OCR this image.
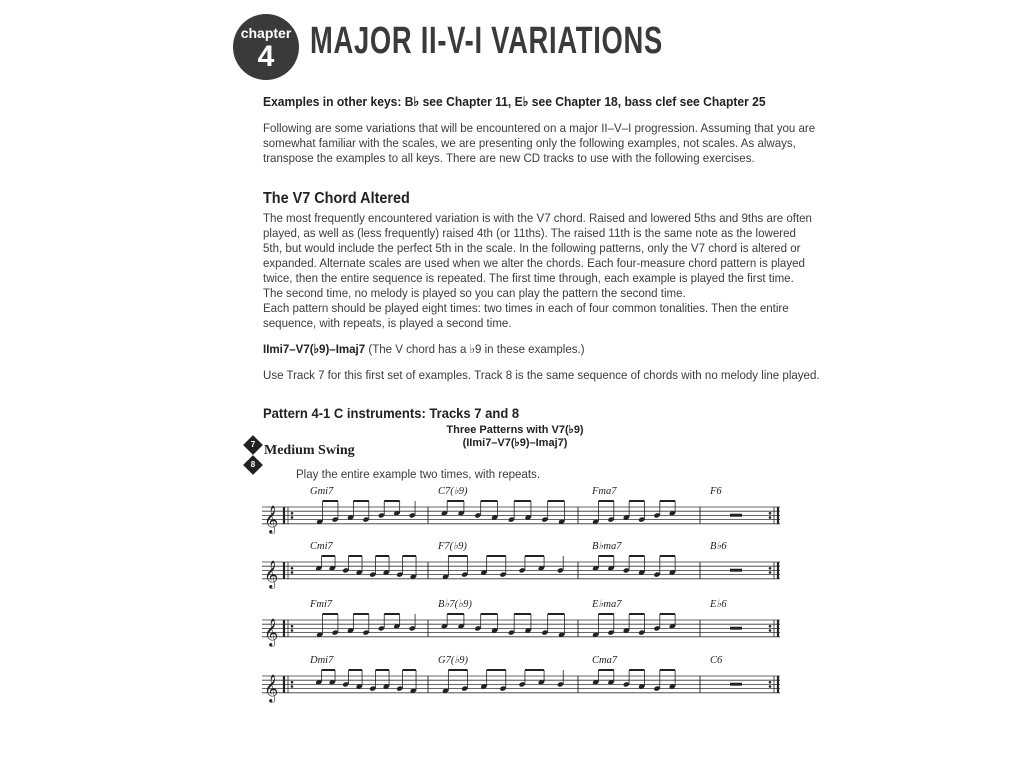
chapter
4 MAJOR II-V-I VARIATIONS
Examples in other keys: B♭ see Chapter 11, E♭ see Chapter 18, bass clef see Chapter 25
Following are some variations that will be encountered on a major II–V–I progression. Assuming that you are
somewhat familiar with the scales, we are presenting only the following examples, not scales. As always,
transpose the examples to all keys. There are new CD tracks to use with the following exercises.
The V7 Chord Altered
The most frequently encountered variation is with the V7 chord. Raised and lowered 5ths and 9ths are often
played, as well as (less frequently) raised 4th (or 11ths). The raised 11th is the same note as the lowered
5th, but would include the perfect 5th in the scale. In the following patterns, only the V7 chord is altered or
expanded. Alternate scales are used when we alter the chords. Each four-measure chord pattern is played
twice, then the entire sequence is repeated. The first time through, each example is played the first time.
The second time, no melody is played so you can play the pattern the second time.
Each pattern should be played eight times: two times in each of four common tonalities. Then the entire
sequence, with repeats, is played a second time.
IImi7–V7(♭9)–Imaj7 (The V chord has a ♭9 in these examples.)
Use Track 7 for this first set of examples. Track 8 is the same sequence of chords with no melody line played.
Pattern 4-1 C instruments: Tracks 7 and 8
Three Patterns with V7(♭9)
(IImi7–V7(♭9)–Imaj7)
7
8
Medium Swing
Play the entire example two times, with repeats.
𝄞
Gmi7	C7(♭9)	Fma7	F6
𝄞
Cmi7	F7(♭9)	B♭ma7	B♭6
𝄞
Fmi7	B♭7(♭9)	E♭ma7	E♭6
𝄞
Dmi7	G7(♭9)	Cma7	C6
